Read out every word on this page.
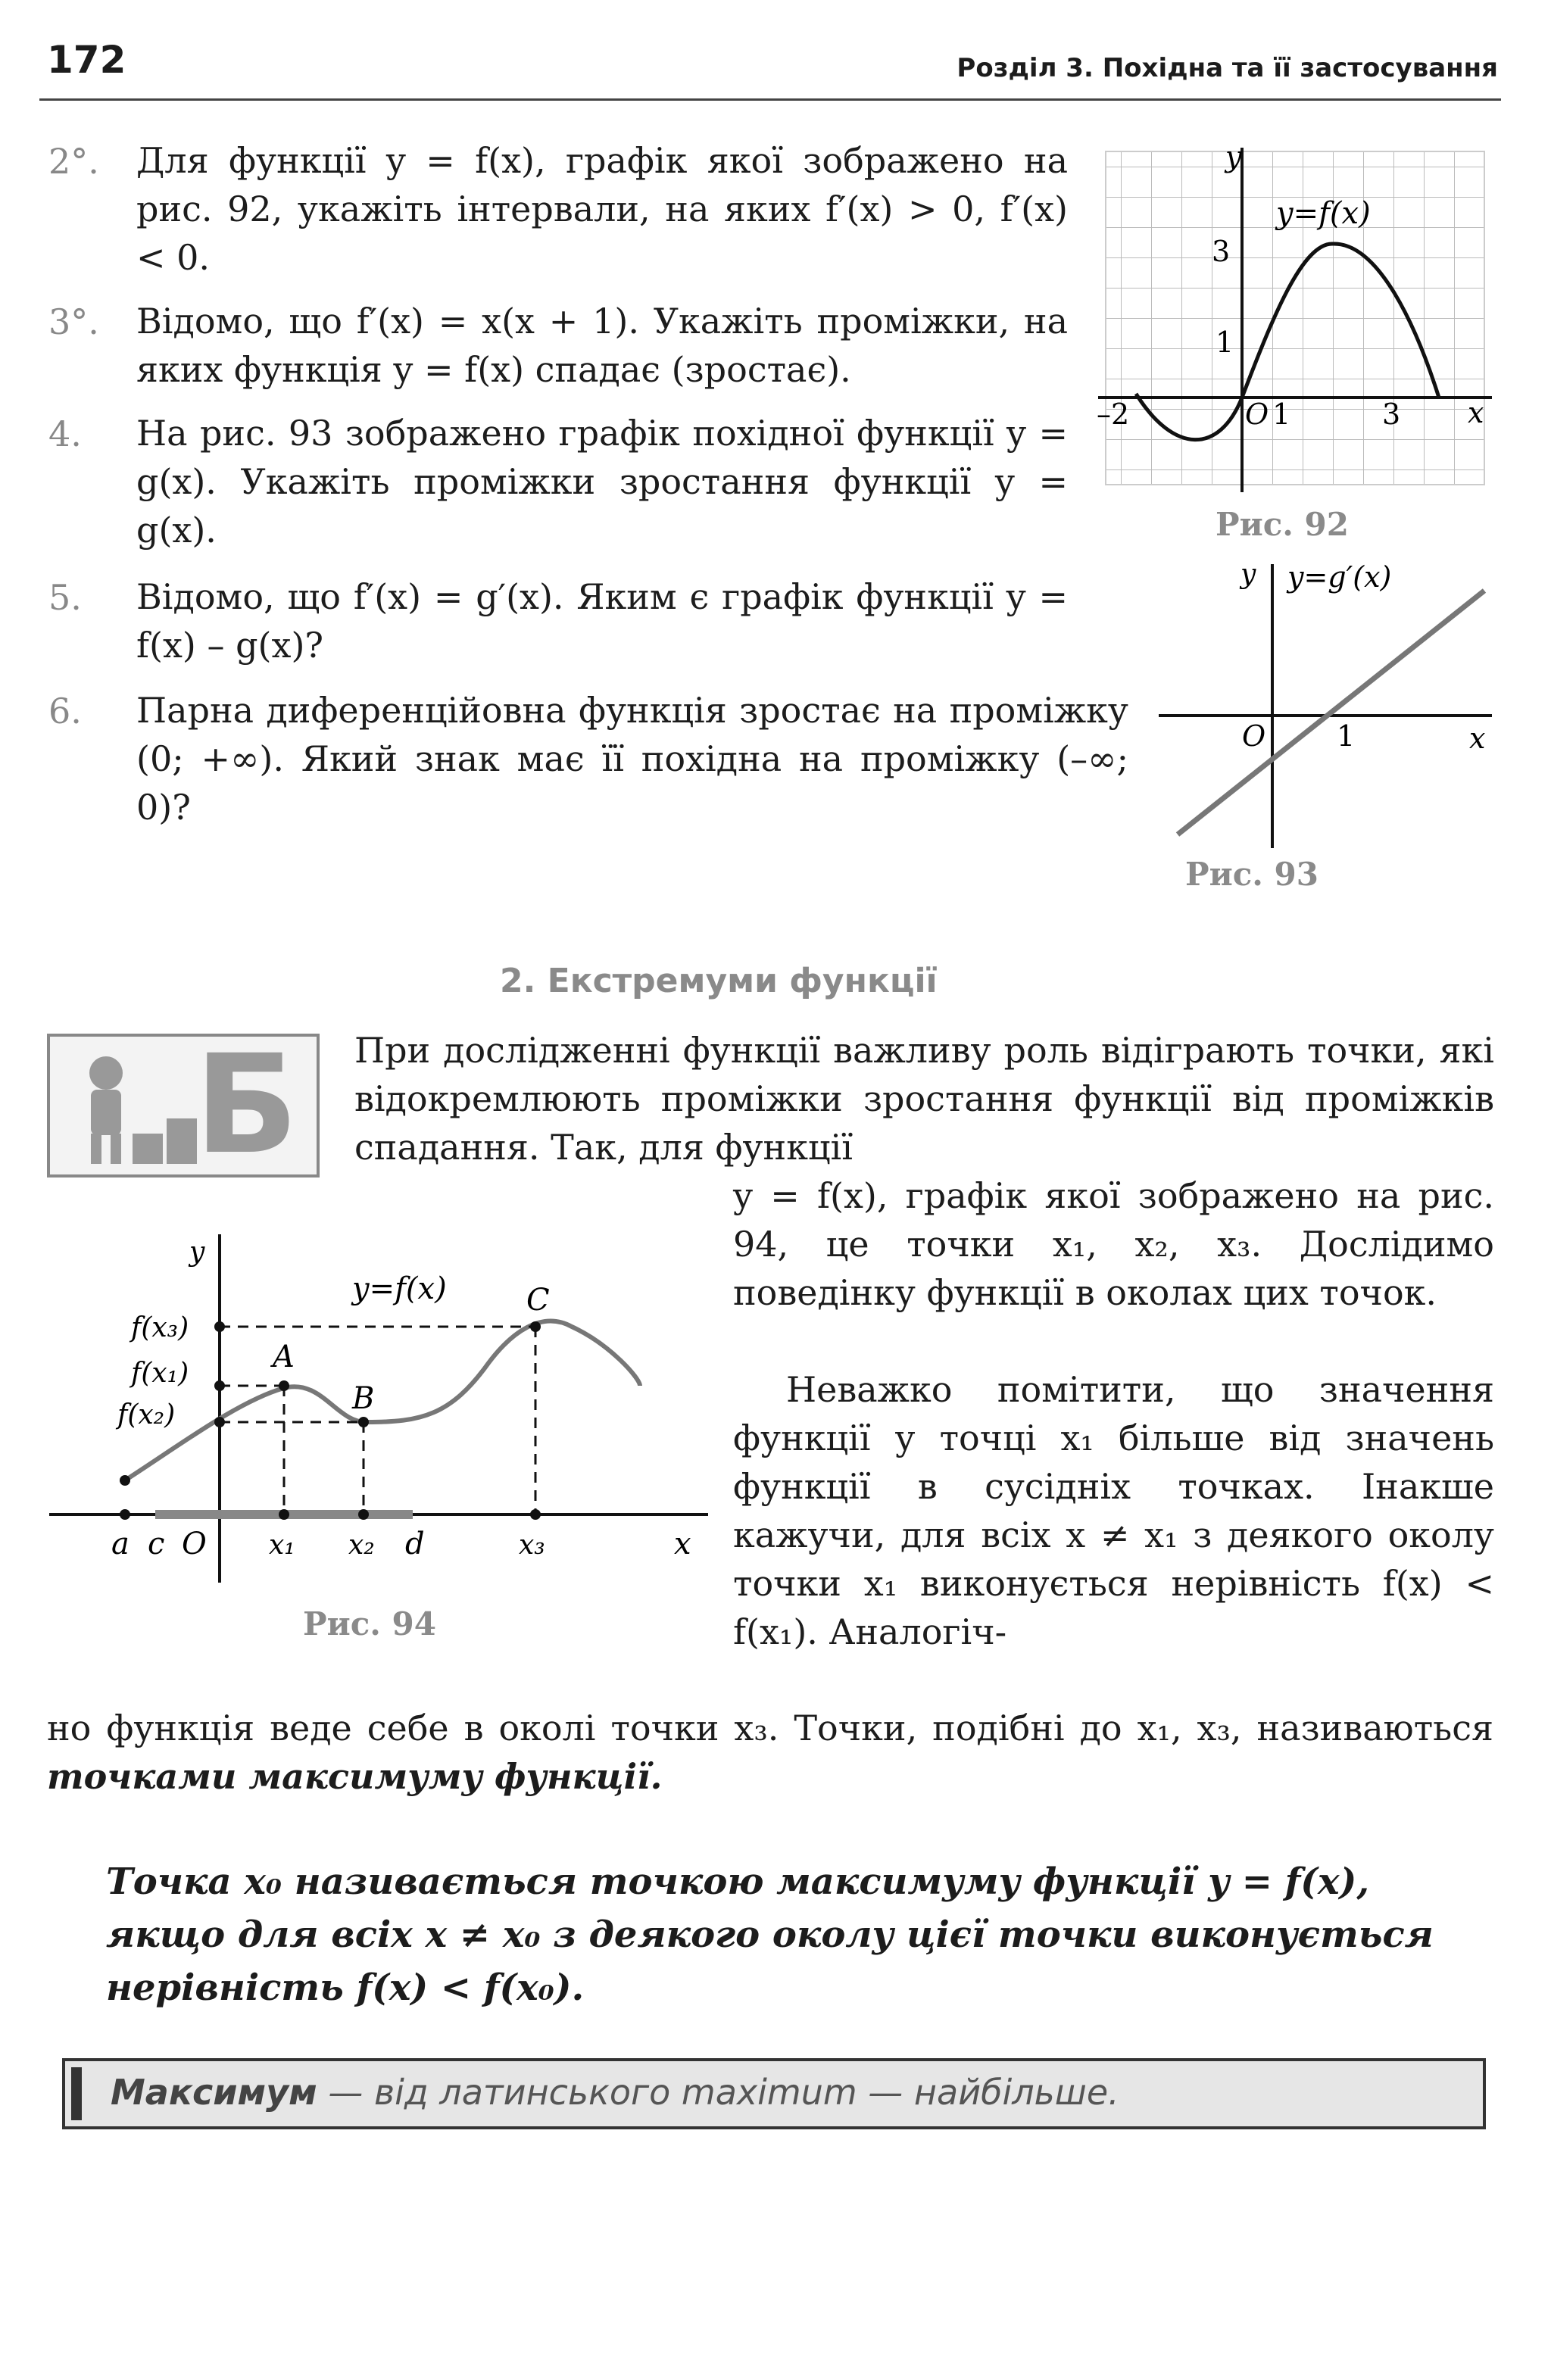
172	Розділ 3. Похідна та її застосування
2°. Для функції y = f(x), графік якої зображено на рис. 92, укажіть інтервали, на яких f′(x) > 0, f′(x) < 0.
3°. Відомо, що f′(x) = x(x + 1). Укажіть проміжки, на яких функція y = f(x) спадає (зростає).
4. На рис. 93 зображено графік похідної функції y = g(x). Укажіть проміжки зростання функції y = g(x).
5. Відомо, що f′(x) = g′(x). Яким є графік функції y = f(x) – g(x)?
6. Парна диференційовна функція зростає на проміжку (0; +∞). Який знак має її похідна на проміжку (–∞; 0)?
y
x
y=f(x)
3
1
–2	O 1	3
Рис. 92
y y=g′(x)
x
O 1
Рис. 93
2. Екстремуми функції
Б При дослідженні функції важливу роль відіграють точки, які відокремлюють проміжки зростання функції від проміжків спадання. Так, для функції
y
y=f(x)	C
A
B
f(x₃)
f(x₁)
f(x₂)
a c O x₁ x₂ d	x₃	x
Рис. 94
y = f(x), графік якої зображено на рис. 94, це точки x₁, x₂, x₃. Дослідимо поведінку функції в околах цих точок.
Неважко помітити, що значення функції у точці x₁ більше від значень функції в сусідніх точках. Інакше кажучи, для всіх x ≠ x₁ з деякого околу точки x₁ виконується нерівність f(x) < f(x₁). Аналогіч-
но функція веде себе в околі точки x₃. Точки, подібні до x₁, x₃, називаються точками максимуму функції.
Точка x₀ називається точкою максимуму функції y = f(x), якщо для всіх x ≠ x₀ з деякого околу цієї точки виконується нерівність f(x) < f(x₀).
Максимум — від латинського maximum — найбільше.
